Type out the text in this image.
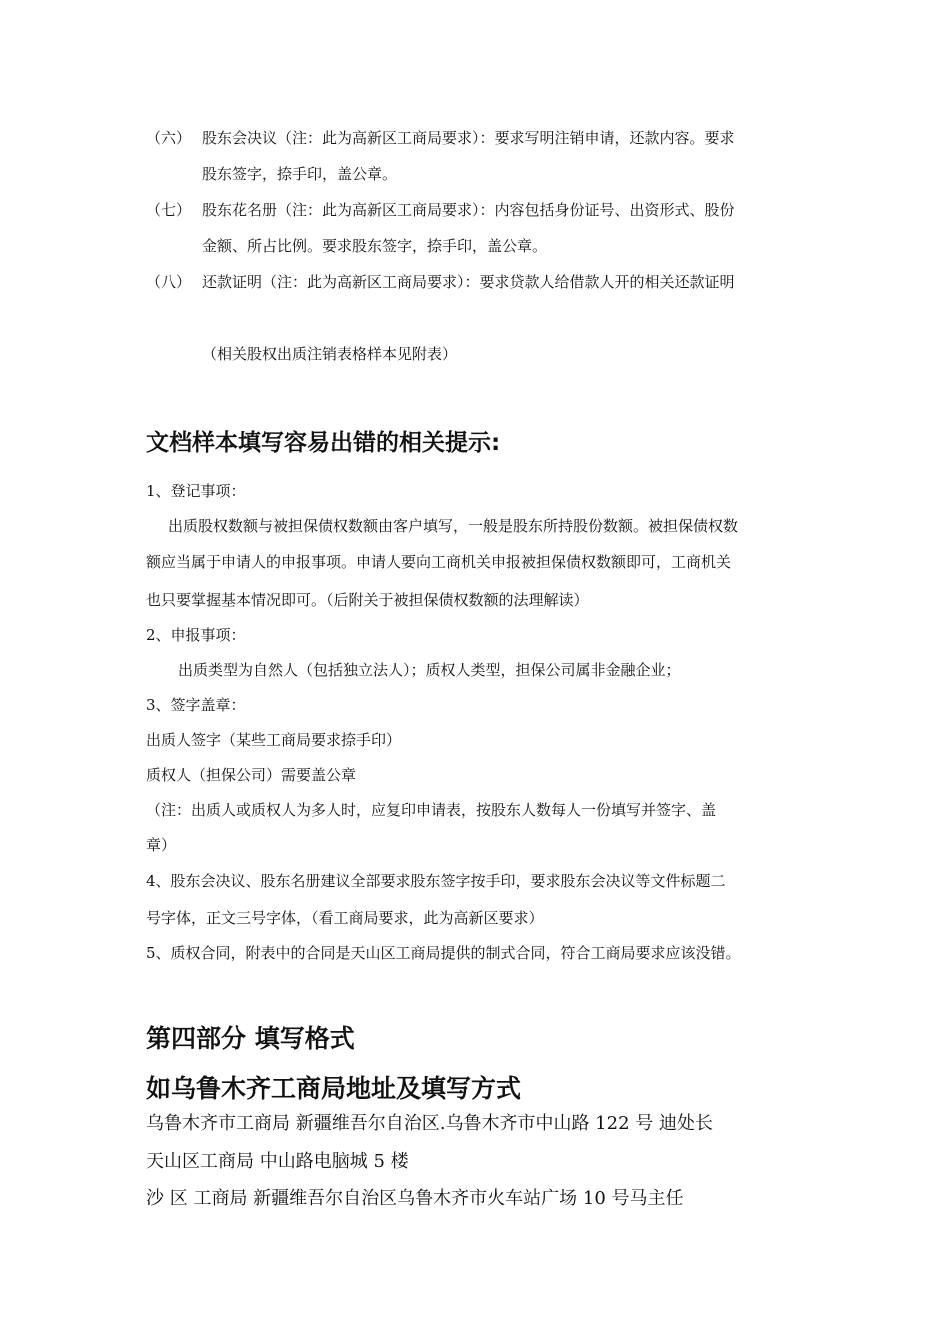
（六） 股东会决议（注：此为高新区工商局要求）：要求写明注销申请，还款内容。要求
股东签字，捺手印，盖公章。
（七） 股东花名册（注：此为高新区工商局要求）：内容包括身份证号、出资形式、股份
金额、所占比例。要求股东签字，捺手印，盖公章。
（八） 还款证明（注：此为高新区工商局要求）：要求贷款人给借款人开的相关还款证明
（相关股权出质注销表格样本见附表）
文档样本填写容易出错的相关提示:
1、登记事项：
出质股权数额与被担保债权数额由客户填写，一般是股东所持股份数额。被担保债权数
额应当属于申请人的申报事项。申请人要向工商机关申报被担保债权数额即可，工商机关
也只要掌握基本情况即可。（后附关于被担保债权数额的法理解读）
2、申报事项：
出质类型为自然人（包括独立法人）；质权人类型，担保公司属非金融企业；
3、签字盖章：
出质人签字（某些工商局要求捺手印）
质权人（担保公司）需要盖公章
（注：出质人或质权人为多人时，应复印申请表，按股东人数每人一份填写并签字、盖
章）
4、股东会决议、股东名册建议全部要求股东签字按手印，要求股东会决议等文件标题二
号字体，正文三号字体，（看工商局要求，此为高新区要求）
5、质权合同，附表中的合同是天山区工商局提供的制式合同，符合工商局要求应该没错。
第四部分 填写格式
如乌鲁木齐工商局地址及填写方式
乌鲁木齐市工商局 新疆维吾尔自治区.乌鲁木齐市中山路 122 号 迪处长
天山区工商局 中山路电脑城 5 楼
沙 区 工商局 新疆维吾尔自治区乌鲁木齐市火车站广场 10 号马主任
